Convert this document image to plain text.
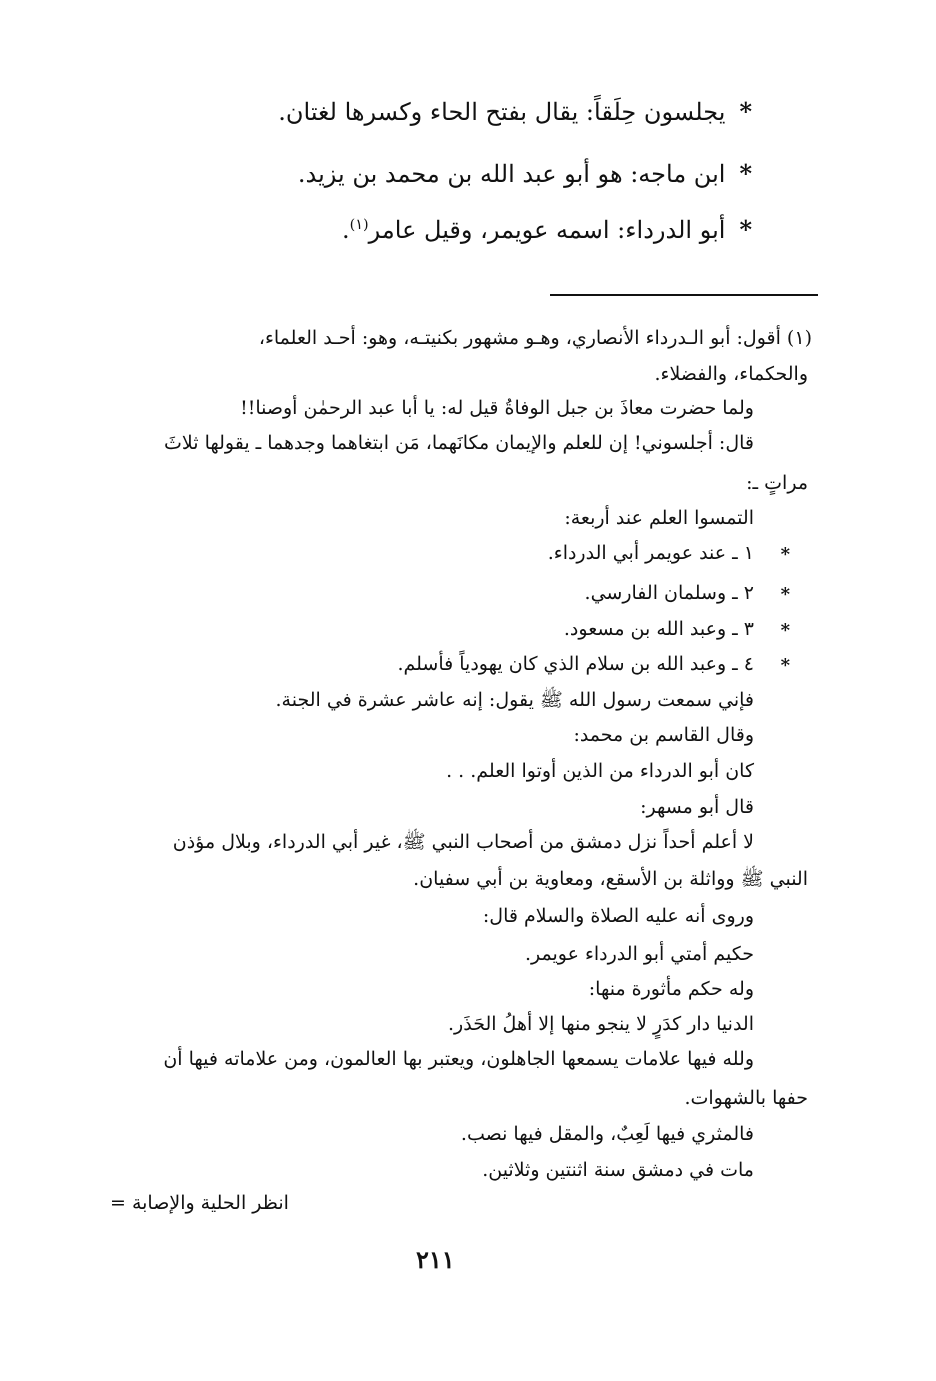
*يجلسون حِلَقاً: يقال بفتح الحاء وكسرها لغتان.
*ابن ماجه: هو أبو عبد الله بن محمد بن يزيد.
*أبو الدرداء: اسمه عويمر، وقيل عامر$^{(١)}$.
(١) أقول: أبو الـدرداء الأنصاري، وهـو مشهور بكنيتـه، وهو: أحـد العلماء،
والحكماء، والفضلاء.
ولما حضرت معاذَ بن جبل الوفاةُ قيل له: يا أبا عبد الرحمٰن أوصنا!!
قال: أجلسوني! إن للعلم والإيمان مكانَهما، مَن ابتغاهما وجدهما ـ يقولها ثلاثَ
مراتٍ ـ:
التمسوا العلم عند أربعة:
*
١ ـ عند عويمر أبي الدرداء.
*
٢ ـ وسلمان الفارسي.
*
٣ ـ وعبد الله بن مسعود.
*
٤ ـ وعبد الله بن سلام الذي كان يهودياً فأسلم.
فإني سمعت رسول الله ﷺ يقول: إنه عاشر عشرة في الجنة.
وقال القاسم بن محمد:
كان أبو الدرداء من الذين أوتوا العلم. . .
قال أبو مسهر:
لا أعلم أحداً نزل دمشق من أصحاب النبي ﷺ، غير أبي الدرداء، وبلال مؤذن
النبي ﷺ وواثلة بن الأسقع، ومعاوية بن أبي سفيان.
وروى أنه عليه الصلاة والسلام قال:
حكيم أمتي أبو الدرداء عويمر.
وله حكم مأثورة منها:
الدنيا دار كدَرٍ لا ينجو منها إلا أهلُ الحَذَر.
ولله فيها علامات يسمعها الجاهلون، ويعتبر بها العالمون، ومن علاماته فيها أن
حفها بالشهوات.
فالمثري فيها لَعِبٌ، والمقل فيها نصب.
مات في دمشق سنة اثنتين وثلاثين.
انظر الحلية والإصابة =
٢١١
